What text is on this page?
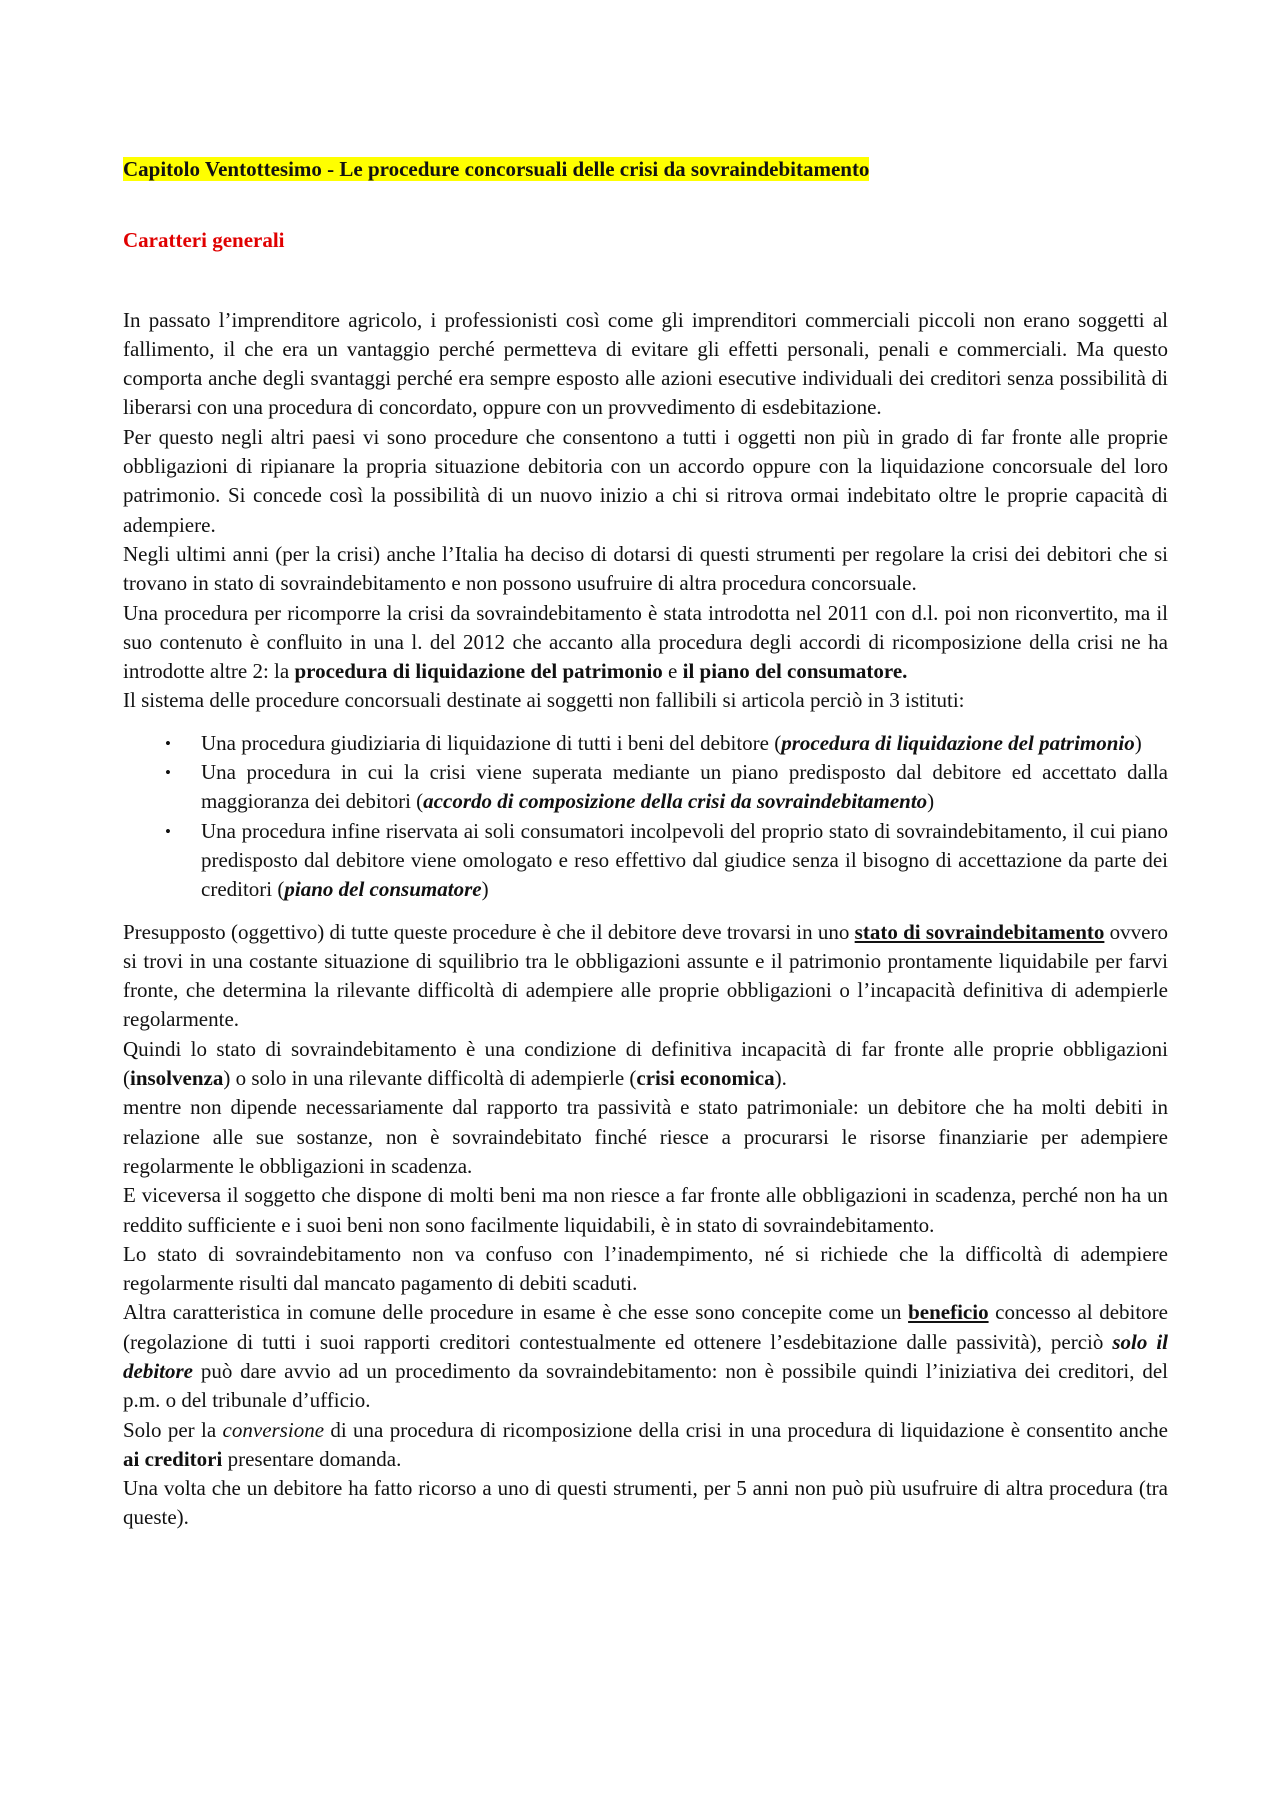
Capitolo Ventottesimo - Le procedure concorsuali delle crisi da sovraindebitamento

Caratteri generali

In passato l’imprenditore agricolo, i professionisti così come gli imprenditori commerciali piccoli non erano soggetti al fallimento, il che era un vantaggio perché permetteva di evitare gli effetti personali, penali e commerciali. Ma questo comporta anche degli svantaggi perché era sempre esposto alle azioni esecutive individuali dei creditori senza possibilità di liberarsi con una procedura di concordato, oppure con un provvedimento di esdebitazione.

Per questo negli altri paesi vi sono procedure che consentono a tutti i oggetti non più in grado di far fronte alle proprie obbligazioni di ripianare la propria situazione debitoria con un accordo oppure con la liquidazione concorsuale del loro patrimonio. Si concede così la possibilità di un nuovo inizio a chi si ritrova ormai indebitato oltre le proprie capacità di adempiere.

Negli ultimi anni (per la crisi) anche l’Italia ha deciso di dotarsi di questi strumenti per regolare la crisi dei debitori che si trovano in stato di sovraindebitamento e non possono usufruire di altra procedura concorsuale.

Una procedura per ricomporre la crisi da sovraindebitamento è stata introdotta nel 2011 con d.l. poi non riconvertito, ma il suo contenuto è confluito in una l. del 2012 che accanto alla procedura degli accordi di ricomposizione della crisi ne ha introdotte altre 2: la procedura di liquidazione del patrimonio e il piano del consumatore.

Il sistema delle procedure concorsuali destinate ai soggetti non fallibili si articola perciò in 3 istituti:

• Una procedura giudiziaria di liquidazione di tutti i beni del debitore (procedura di liquidazione del patrimonio)
• Una procedura in cui la crisi viene superata mediante un piano predisposto dal debitore ed accettato dalla maggioranza dei debitori (accordo di composizione della crisi da sovraindebitamento)
• Una procedura infine riservata ai soli consumatori incolpevoli del proprio stato di sovraindebitamento, il cui piano predisposto dal debitore viene omologato e reso effettivo dal giudice senza il bisogno di accettazione da parte dei creditori (piano del consumatore)

Presupposto (oggettivo) di tutte queste procedure è che il debitore deve trovarsi in uno stato di sovraindebitamento ovvero si trovi in una costante situazione di squilibrio tra le obbligazioni assunte e il patrimonio prontamente liquidabile per farvi fronte, che determina la rilevante difficoltà di adempiere alle proprie obbligazioni o l’incapacità definitiva di adempierle regolarmente.

Quindi lo stato di sovraindebitamento è una condizione di definitiva incapacità di far fronte alle proprie obbligazioni (insolvenza) o solo in una rilevante difficoltà di adempierle (crisi economica).

mentre non dipende necessariamente dal rapporto tra passività e stato patrimoniale: un debitore che ha molti debiti in relazione alle sue sostanze, non è sovraindebitato finché riesce a procurarsi le risorse finanziarie per adempiere regolarmente le obbligazioni in scadenza.

E viceversa il soggetto che dispone di molti beni ma non riesce a far fronte alle obbligazioni in scadenza, perché non ha un reddito sufficiente e i suoi beni non sono facilmente liquidabili, è in stato di sovraindebitamento.

Lo stato di sovraindebitamento non va confuso con l’inadempimento, né si richiede che la difficoltà di adempiere regolarmente risulti dal mancato pagamento di debiti scaduti.

Altra caratteristica in comune delle procedure in esame è che esse sono concepite come un beneficio concesso al debitore (regolazione di tutti i suoi rapporti creditori contestualmente ed ottenere l’esdebitazione dalle passività), perciò solo il debitore può dare avvio ad un procedimento da sovraindebitamento: non è possibile quindi l’iniziativa dei creditori, del p.m. o del tribunale d’ufficio.

Solo per la conversione di una procedura di ricomposizione della crisi in una procedura di liquidazione è consentito anche ai creditori presentare domanda.

Una volta che un debitore ha fatto ricorso a uno di questi strumenti, per 5 anni non può più usufruire di altra procedura (tra queste).
